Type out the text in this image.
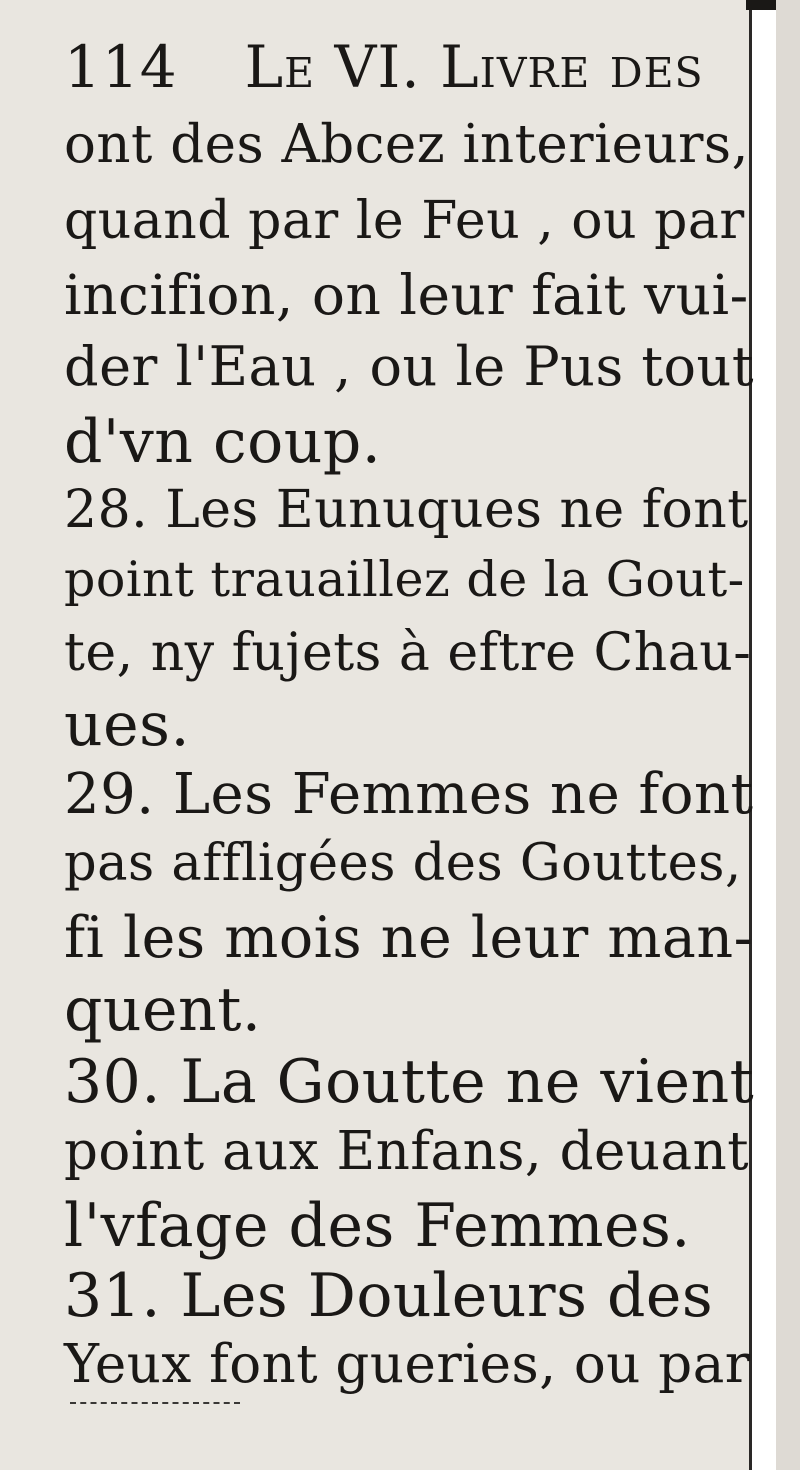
114 Le VI. Livre des
ont des Abcez interieurs,
quand par le Feu , ou par
incifion, on leur fait vui-
der l'Eau , ou le Pus tout
d'vn coup.
28. Les Eunuques ne font
point trauaillez de la Gout-
te, ny fujets à eftre Chau-
ues.
29. Les Femmes ne font
pas affligées des Gouttes,
fi les mois ne leur man-
quent.
30. La Goutte ne vient
point aux Enfans, deuant
l'vfage des Femmes.
31. Les Douleurs des
Yeux font gueries, ou par
